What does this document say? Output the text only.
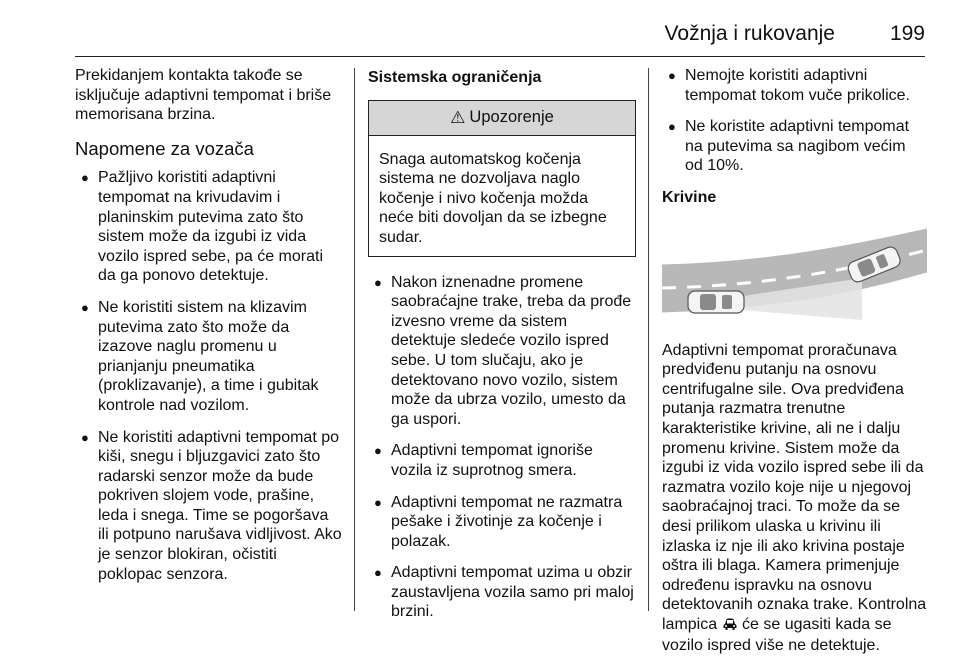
Vožnja i rukovanje	199

Prekidanjem kontakta takođe se isključuje adaptivni tempomat i briše memorisana brzina.

Napomene za vozača
● Pažljivo koristiti adaptivni tempomat na krivudavim i planinskim putevima zato što sistem može da izgubi iz vida vozilo ispred sebe, pa će morati da ga ponovo detektuje.
● Ne koristiti sistem na klizavim putevima zato što može da izazove naglu promenu u prianjanju pneumatika (proklizavanje), a time i gubitak kontrole nad vozilom.
● Ne koristiti adaptivni tempomat po kiši, snegu i bljuzgavici zato što radarski senzor može da bude pokriven slojem vode, prašine, leda i snega. Time se pogoršava ili potpuno narušava vidljivost. Ako je senzor blokiran, očistiti poklopac senzora.
Sistemska ograničenja
⚠ Upozorenje
Snaga automatskog kočenja sistema ne dozvoljava naglo kočenje i nivo kočenja možda neće biti dovoljan da se izbegne sudar.
● Nakon iznenadne promene saobraćajne trake, treba da prođe izvesno vreme da sistem detektuje sledeće vozilo ispred sebe. U tom slučaju, ako je detektovano novo vozilo, sistem može da ubrza vozilo, umesto da ga uspori.
● Adaptivni tempomat ignoriše vozila iz suprotnog smera.
● Adaptivni tempomat ne razmatra pešake i životinje za kočenje i polazak.
● Adaptivni tempomat uzima u obzir zaustavljena vozila samo pri maloj brzini.
● Nemojte koristiti adaptivni tempomat tokom vuče prikolice.
● Ne koristite adaptivni tempomat na putevima sa nagibom većim od 10%.
Krivine

Adaptivni tempomat proračunava predviđenu putanju na osnovu centrifugalne sile. Ova predviđena putanja razmatra trenutne karakteristike krivine, ali ne i dalju promenu krivine. Sistem može da izgubi iz vida vozilo ispred sebe ili da razmatra vozilo koje nije u njegovoj saobraćajnoj traci. To može da se desi prilikom ulaska u krivinu ili izlaska iz nje ili ako krivina postaje oštra ili blaga. Kamera primenjuje određenu ispravku na osnovu detektovanih oznaka trake. Kontrolna lampica će se ugasiti kada se vozilo ispred više ne detektuje.
